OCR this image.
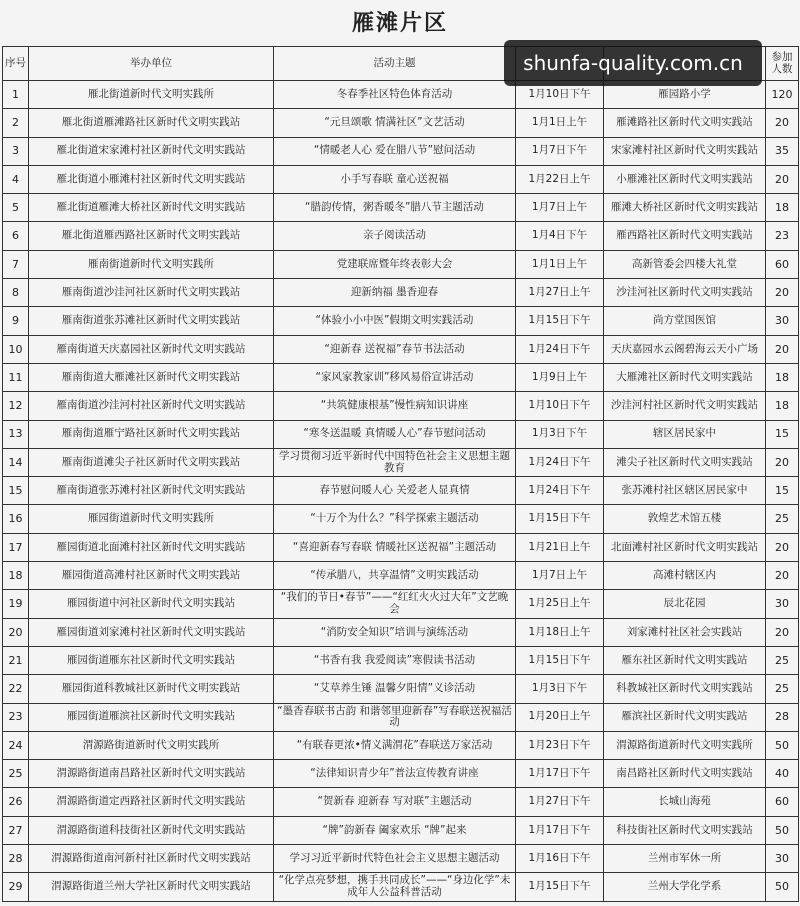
雁滩片区
序号	举办单位	活动主题			参加人数
1	雁北街道新时代文明实践所	冬春季社区特色体育活动	1月10日下午	雁园路小学	120
2	雁北街道雁滩路社区新时代文明实践站	“元旦颂歌 情满社区”文艺活动	1月1日上午	雁滩路社区新时代文明实践站	20
3	雁北街道宋家滩村社区新时代文明实践站	“情暖老人心 爱在腊八节”慰问活动	1月7日下午	宋家滩村社区新时代文明实践站	35
4	雁北街道小雁滩村社区新时代文明实践站	小手写春联 童心送祝福	1月22日上午	小雁滩社区新时代文明实践站	20
5	雁北街道雁滩大桥社区新时代文明实践站	“腊韵传情，粥香暖冬”腊八节主题活动	1月7日上午	雁滩大桥社区新时代文明实践站	18
6	雁北街道雁西路社区新时代文明实践站	亲子阅读活动	1月4日下午	雁西路社区新时代文明实践站	23
7	雁南街道新时代文明实践所	党建联席暨年终表彰大会	1月1日上午	高新管委会四楼大礼堂	60
8	雁南街道沙洼河社区新时代文明实践站	迎新纳福 墨香迎春	1月27日上午	沙洼河社区新时代文明实践站	20
9	雁南街道张苏滩社区新时代文明实践站	“体验小小中医”假期文明实践活动	1月15日下午	尚方堂国医馆	30
10	雁南街道天庆嘉园社区新时代文明实践站	“迎新春 送祝福”春节书法活动	1月24日下午	天庆嘉园水云阁碧海云天小广场	20
11	雁南街道大雁滩社区新时代文明实践站	“家风家教家训”移风易俗宣讲活动	1月9日上午	大雁滩社区新时代文明实践站	18
12	雁南街道沙洼河村社区新时代文明实践站	“共筑健康根基”慢性病知识讲座	1月10日下午	沙洼河村社区新时代文明实践站	18
13	雁南街道雁宁路社区新时代文明实践站	“寒冬送温暖 真情暖人心”春节慰问活动	1月3日下午	辖区居民家中	15
14	雁南街道滩尖子社区新时代文明实践站	学习贯彻习近平新时代中国特色社会主义思想主题教育	1月24日下午	滩尖子社区新时代文明实践站	20
15	雁南街道张苏滩村社区新时代文明实践站	春节慰问暖人心 关爱老人显真情	1月24日下午	张苏滩村社区辖区居民家中	15
16	雁园街道新时代文明实践所	“十万个为什么？”科学探索主题活动	1月15日下午	敦煌艺术馆五楼	25
17	雁园街道北面滩村社区新时代文明实践站	“喜迎新春写春联 情暖社区送祝福”主题活动	1月21日上午	北面滩村社区新时代文明实践站	20
18	雁园街道高滩村社区新时代文明实践站	“传承腊八，共享温情”文明实践活动	1月7日上午	高滩村辖区内	20
19	雁园街道中河社区新时代文明实践站	“我们的节日•春节”——“红红火火过大年”文艺晚会	1月25日上午	辰北花园	30
20	雁园街道刘家滩村社区新时代文明实践站	“消防安全知识”培训与演练活动	1月18日上午	刘家滩村社区社会实践站	20
21	雁园街道雁东社区新时代文明实践站	“书香有我 我爱阅读”寒假读书活动	1月15日下午	雁东社区新时代文明实践站	25
22	雁园街道科教城社区新时代文明实践站	“艾草养生锤 温馨夕阳情”义诊活动	1月3日下午	科教城社区新时代文明实践站	25
23	雁园街道雁滨社区新时代文明实践站	“墨香春联书古韵 和谐邻里迎新春”写春联送祝福活动	1月20日上午	雁滨社区新时代文明实践站	28
24	渭源路街道新时代文明实践所	“有联春更浓•情义满渭花”春联送万家活动	1月23日下午	渭源路街道新时代文明实践所	50
25	渭源路街道南昌路社区新时代文明实践站	“法律知识青少年”普法宣传教育讲座	1月17日下午	南昌路社区新时代文明实践站	40
26	渭源路街道定西路社区新时代文明实践站	“贺新春 迎新春 写对联”主题活动	1月27日下午	长城山海苑	60
27	渭源路街道科技街社区新时代文明实践站	“牌”韵新春 阖家欢乐 “牌”起来	1月17日下午	科技街社区新时代文明实践站	50
28	渭源路街道南河新村社区新时代文明实践站	学习习近平新时代特色社会主义思想主题活动	1月16日下午	兰州市军休一所	30
29	渭源路街道兰州大学社区新时代文明实践站	“化学点亮梦想，携手共同成长”——“身边化学”未成年人公益科普活动	1月15日下午	兰州大学化学系	50
shunfa-quality.com.cn
